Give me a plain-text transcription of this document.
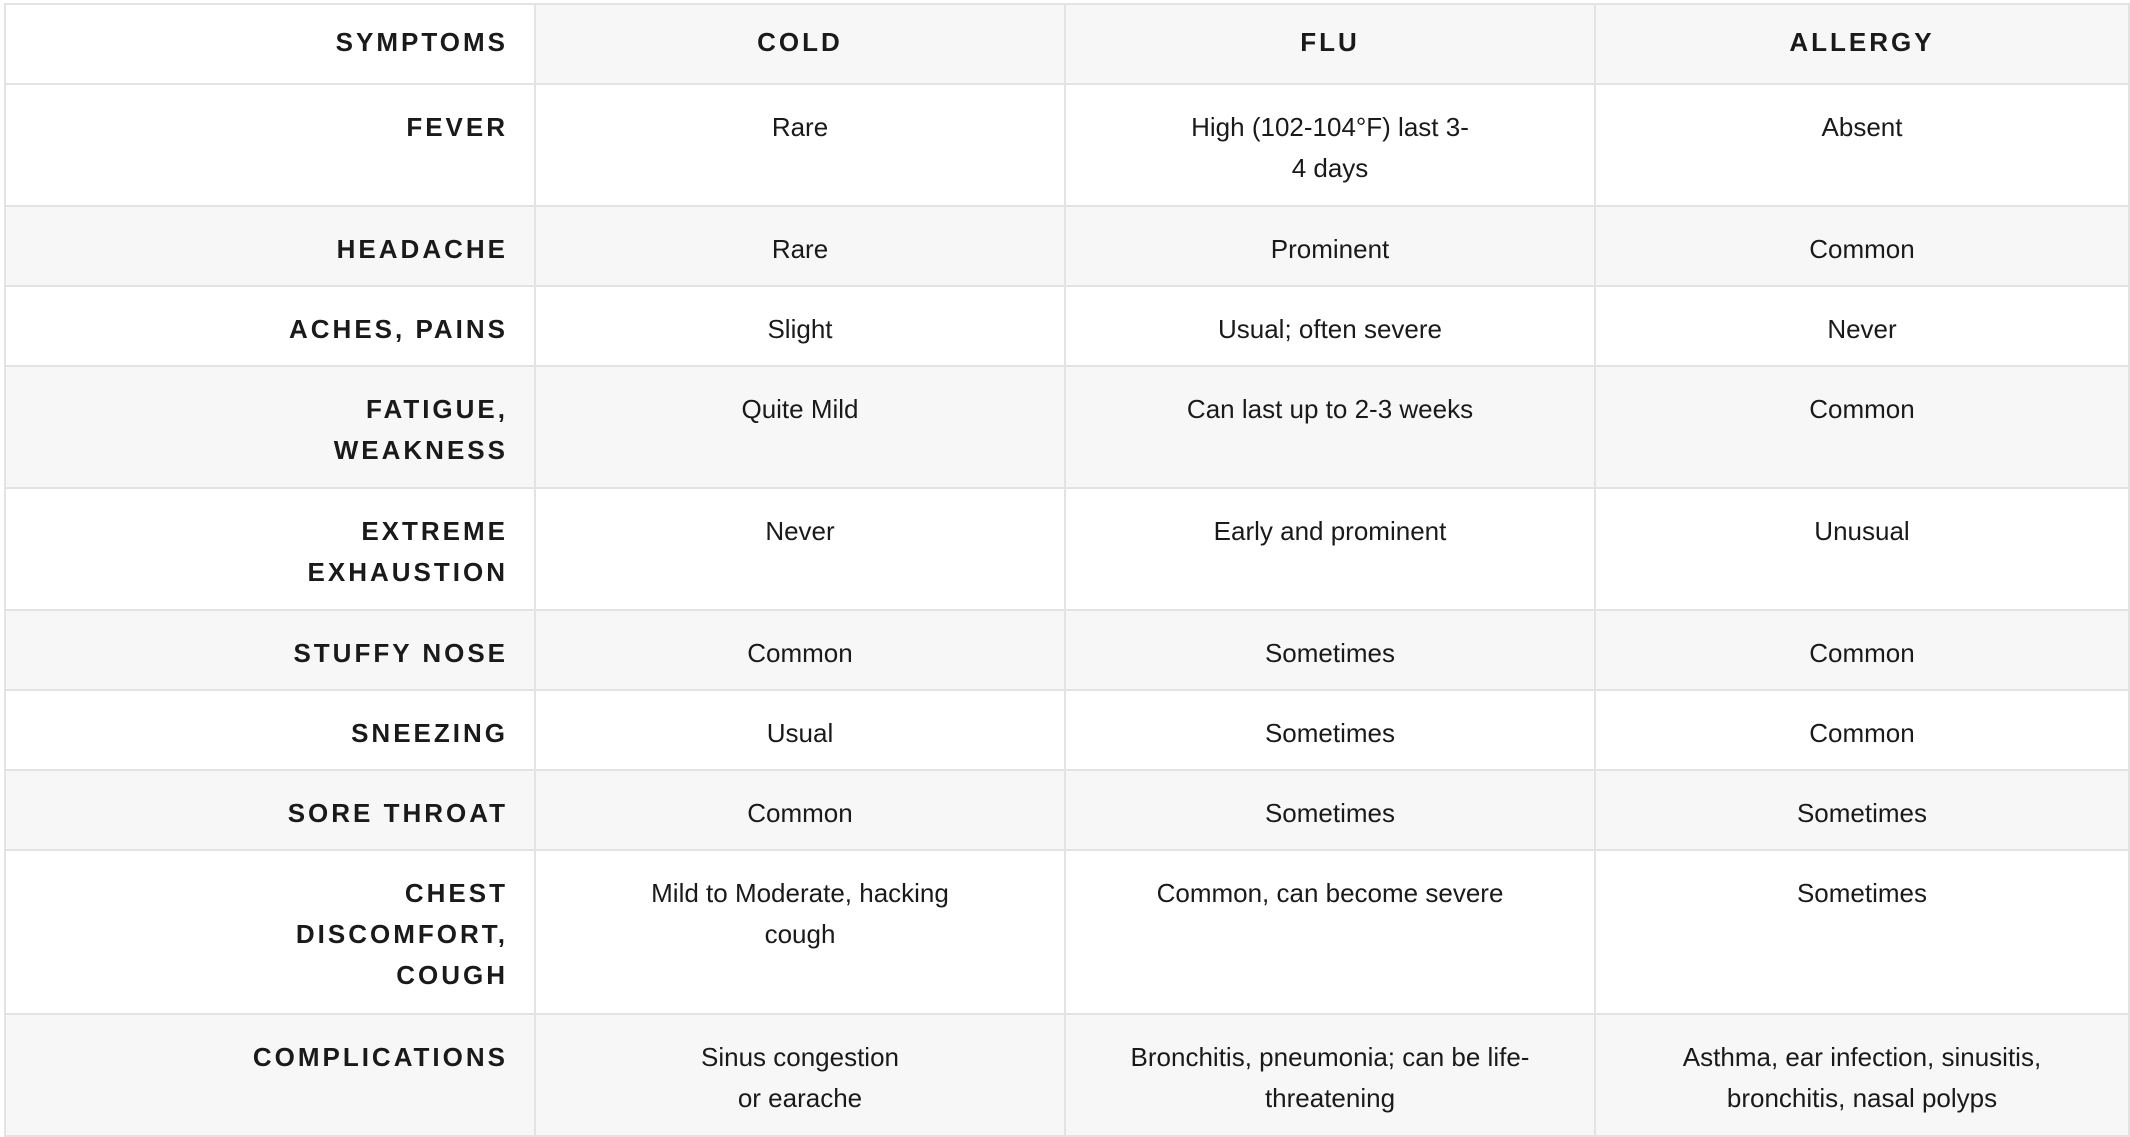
SYMPTOMS	COLD	FLU	ALLERGY
FEVER	Rare	High (102-104°F) last 3-4 days	Absent
HEADACHE	Rare	Prominent	Common
ACHES, PAINS	Slight	Usual; often severe	Never
FATIGUE, WEAKNESS	Quite Mild	Can last up to 2-3 weeks	Common
EXTREME EXHAUSTION	Never	Early and prominent	Unusual
STUFFY NOSE	Common	Sometimes	Common
SNEEZING	Usual	Sometimes	Common
SORE THROAT	Common	Sometimes	Sometimes
CHEST DISCOMFORT, COUGH	Mild to Moderate, hacking cough	Common, can become severe	Sometimes
COMPLICATIONS	Sinus congestion or earache	Bronchitis, pneumonia; can be life-threatening	Asthma, ear infection, sinusitis, bronchitis, nasal polyps
